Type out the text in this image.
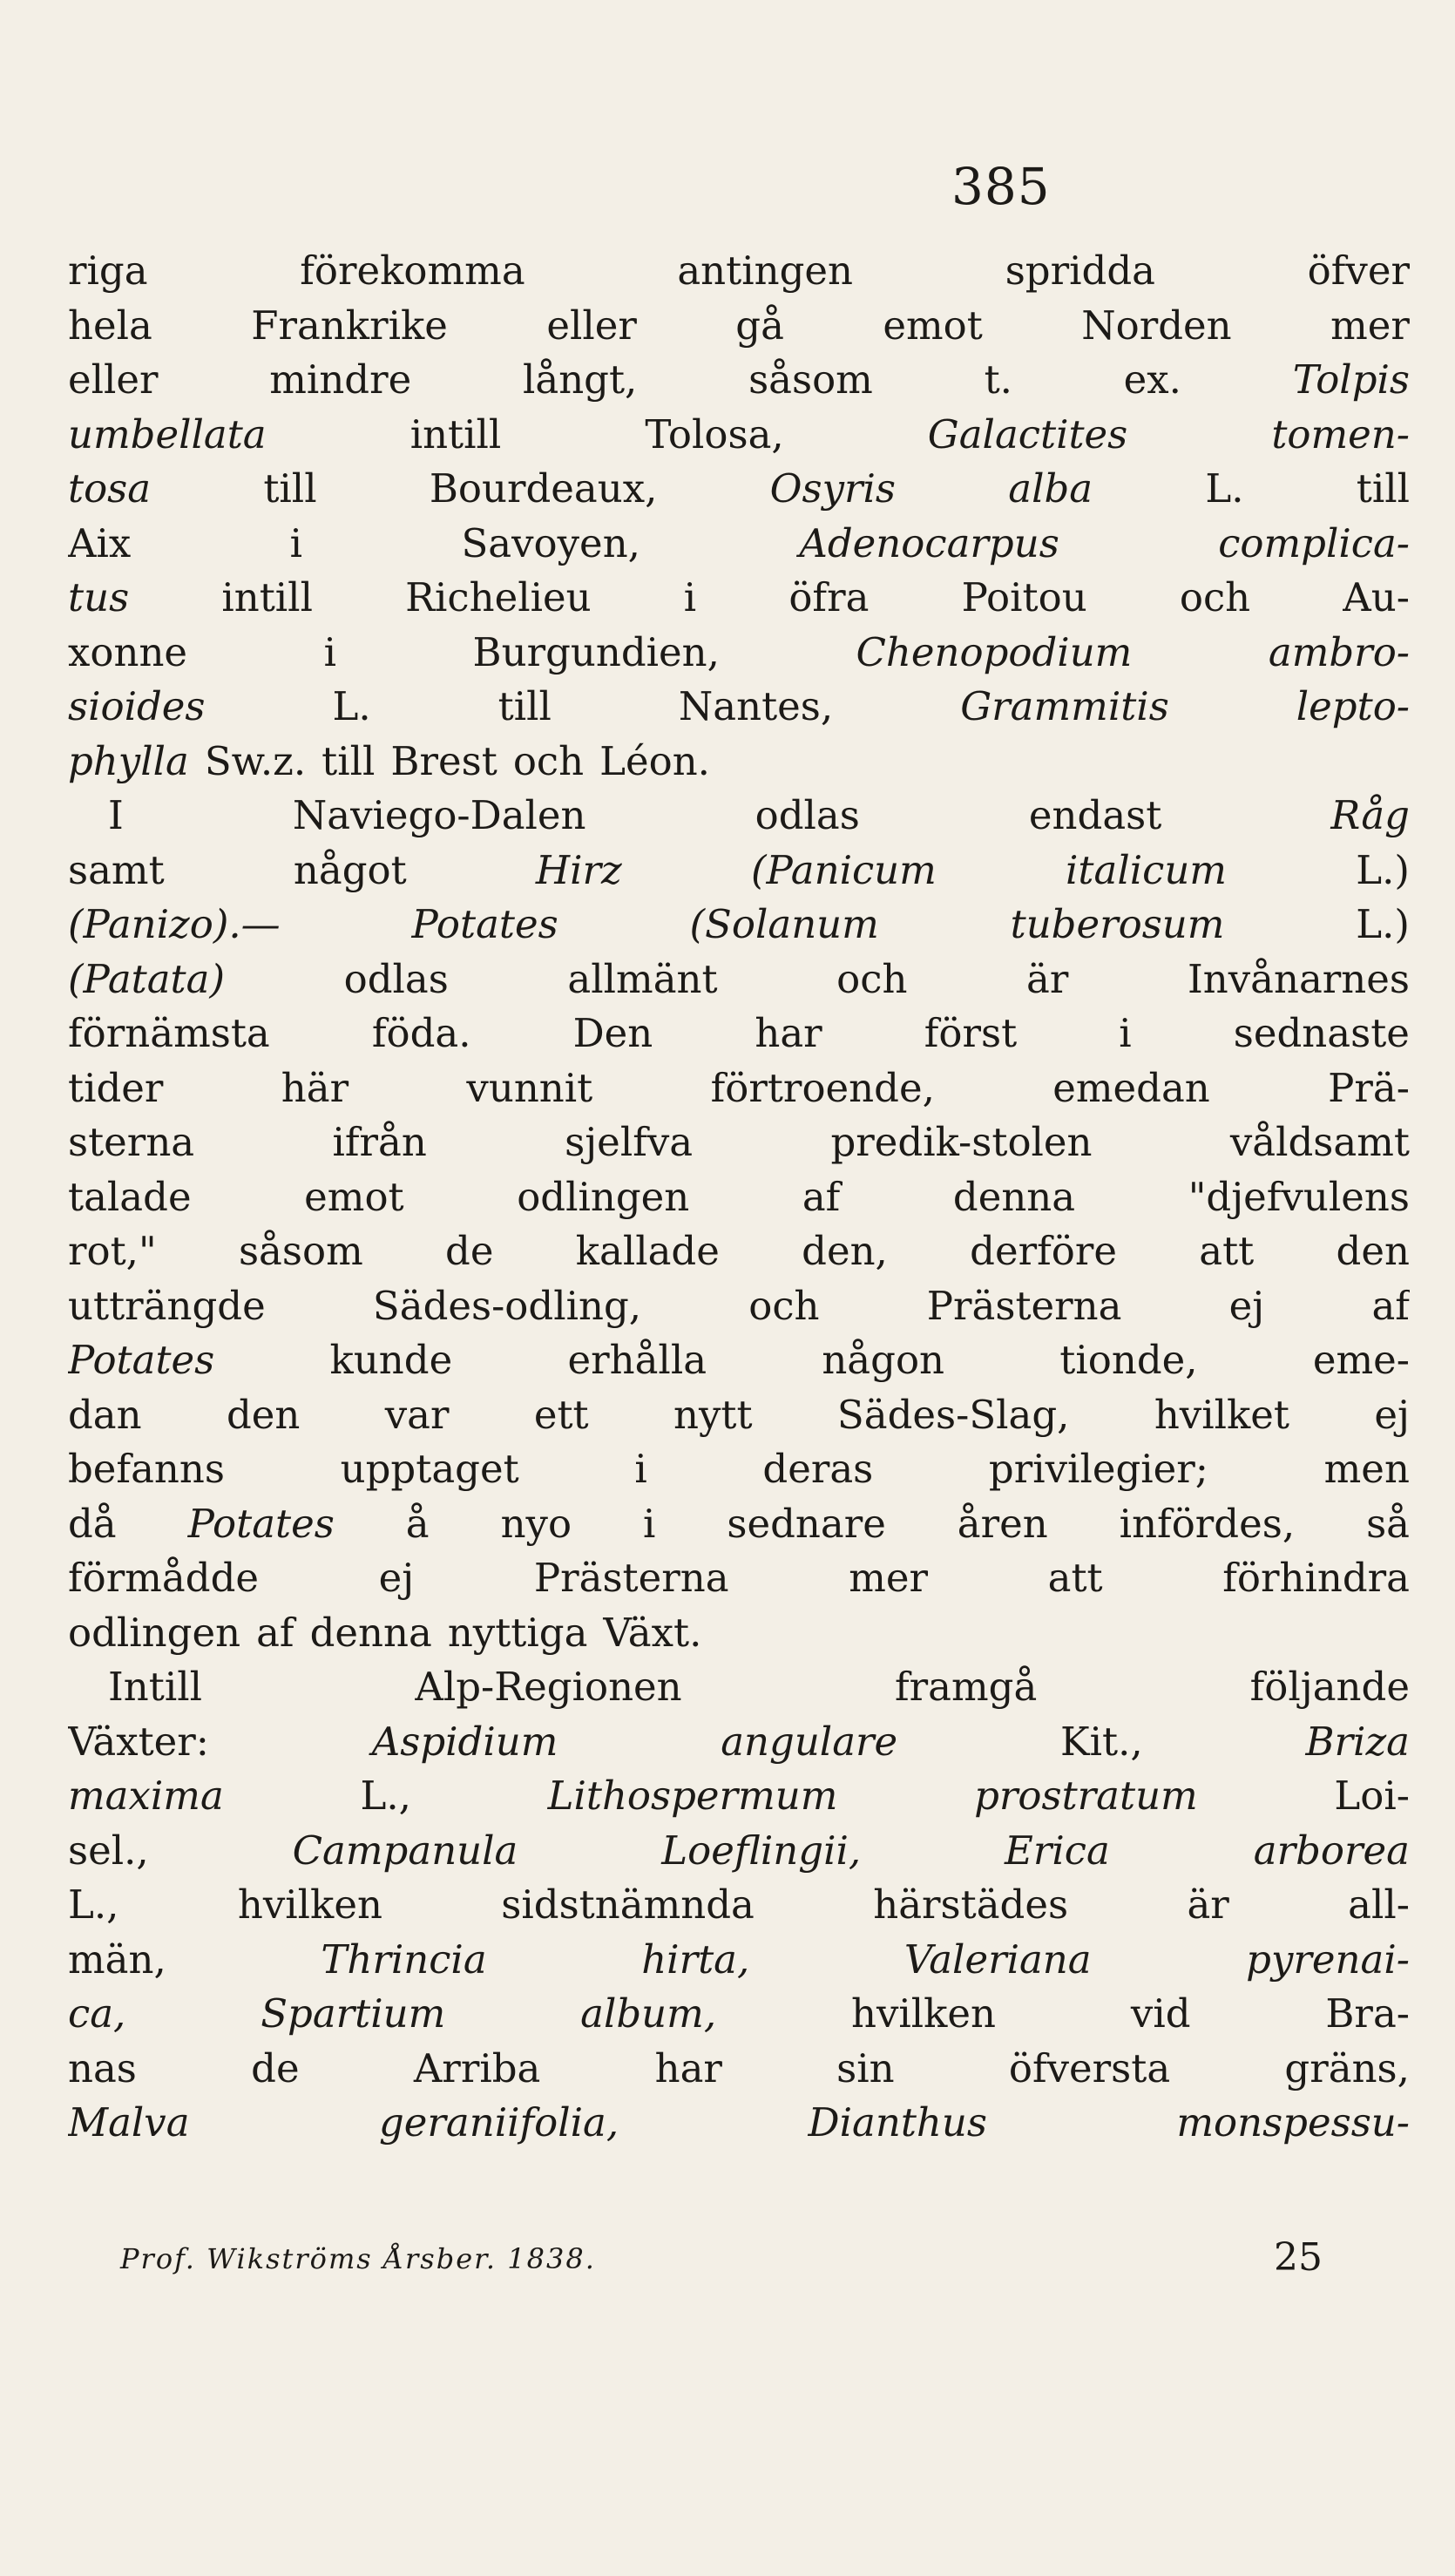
385
riga	förekomma	antingen	spridda	öfver
hela	Frankrike	eller	gå	emot	Norden	mer
eller	mindre	långt,	såsom	t.	ex.	Tolpis
umbellata	intill	Tolosa,	Galactites	tomen-
tosa	till	Bourdeaux,	Osyris	alba	L.	till
Aix	i	Savoyen,	Adenocarpus	complica-
tus intill Richelieu i öfra Poitou och Au-
xonne	i	Burgundien,	Chenopodium	ambro-
sioides	L.	till	Nantes,	Grammitis	lepto-
phylla Sw.z. till Brest och Léon.
I	Naviego-Dalen	odlas	endast	Råg
samt	något	Hirz	(Panicum	italicum	L.)
(Panizo).—	Potates	(Solanum	tuberosum	L.)
(Patata)	odlas	allmänt	och	är	Invånarnes
förnämsta	föda.	Den	har	först	i	sednaste
tider	här	vunnit	förtroende,	emedan	Prä-
sterna	ifrån	sjelfva	predik-stolen	våldsamt
talade	emot	odlingen	af	denna	"djefvulens
rot," såsom de kallade den, derföre att den
utträngde	Sädes-odling,	och	Prästerna	ej	af
Potates	kunde	erhålla	någon	tionde,	eme-
dan den var ett nytt Sädes-Slag, hvilket ej
befanns	upptaget	i	deras	privilegier;	men
då Potates å nyo i sednare åren infördes, så
förmådde	ej	Prästerna	mer	att	förhindra
odlingen af denna nyttiga Växt.
Intill	Alp-Regionen	framgå	följande
Växter:	Aspidium	angulare	Kit.,	Briza
maxima	L.,	Lithospermum	prostratum	Loi-
sel.,	Campanula	Loeflingii,	Erica	arborea
L.,	hvilken	sidstnämnda	härstädes	är	all-
män,	Thrincia	hirta,	Valeriana	pyrenai-
ca,	Spartium	album,	hvilken	vid	Bra-
nas	de	Arriba	har	sin	öfversta	gräns,
Malva	geraniifolia,	Dianthus	monspessu-
Prof. Wikströms Årsber. 1838.	25
